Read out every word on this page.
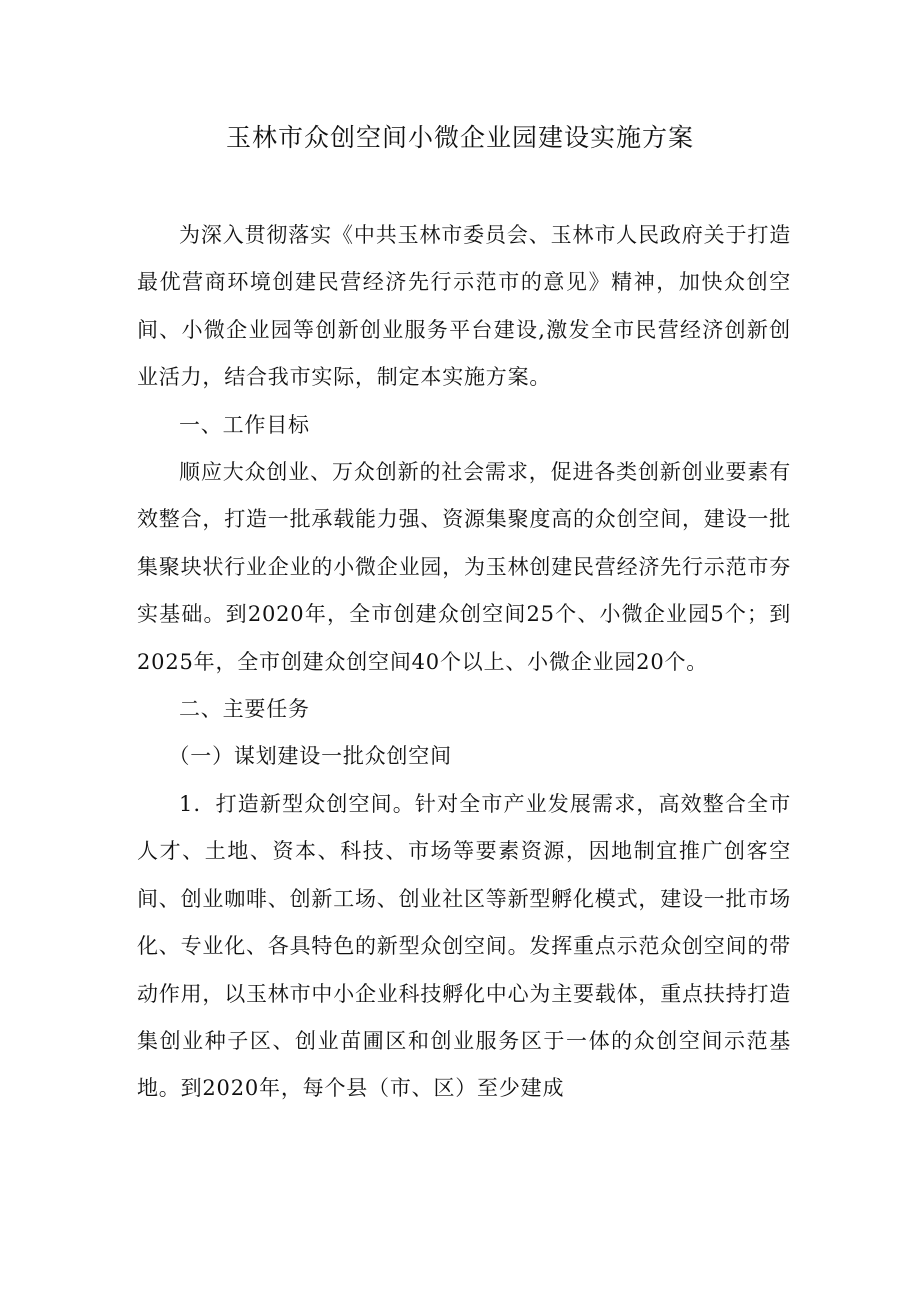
玉林市众创空间小微企业园建设实施方案

为深入贯彻落实《中共玉林市委员会、玉林市人民政府关于打造最优营商环境创建民营经济先行示范市的意见》精神，加快众创空间、小微企业园等创新创业服务平台建设,激发全市民营经济创新创业活力，结合我市实际，制定本实施方案。

一、工作目标

顺应大众创业、万众创新的社会需求，促进各类创新创业要素有效整合，打造一批承载能力强、资源集聚度高的众创空间，建设一批集聚块状行业企业的小微企业园，为玉林创建民营经济先行示范市夯实基础。到2020年，全市创建众创空间25个、小微企业园5个；到2025年，全市创建众创空间40个以上、小微企业园20个。

二、主要任务

（一）谋划建设一批众创空间

1．打造新型众创空间。针对全市产业发展需求，高效整合全市人才、土地、资本、科技、市场等要素资源，因地制宜推广创客空间、创业咖啡、创新工场、创业社区等新型孵化模式，建设一批市场化、专业化、各具特色的新型众创空间。发挥重点示范众创空间的带动作用，以玉林市中小企业科技孵化中心为主要载体，重点扶持打造集创业种子区、创业苗圃区和创业服务区于一体的众创空间示范基地。到2020年，每个县（市、区）至少建成
